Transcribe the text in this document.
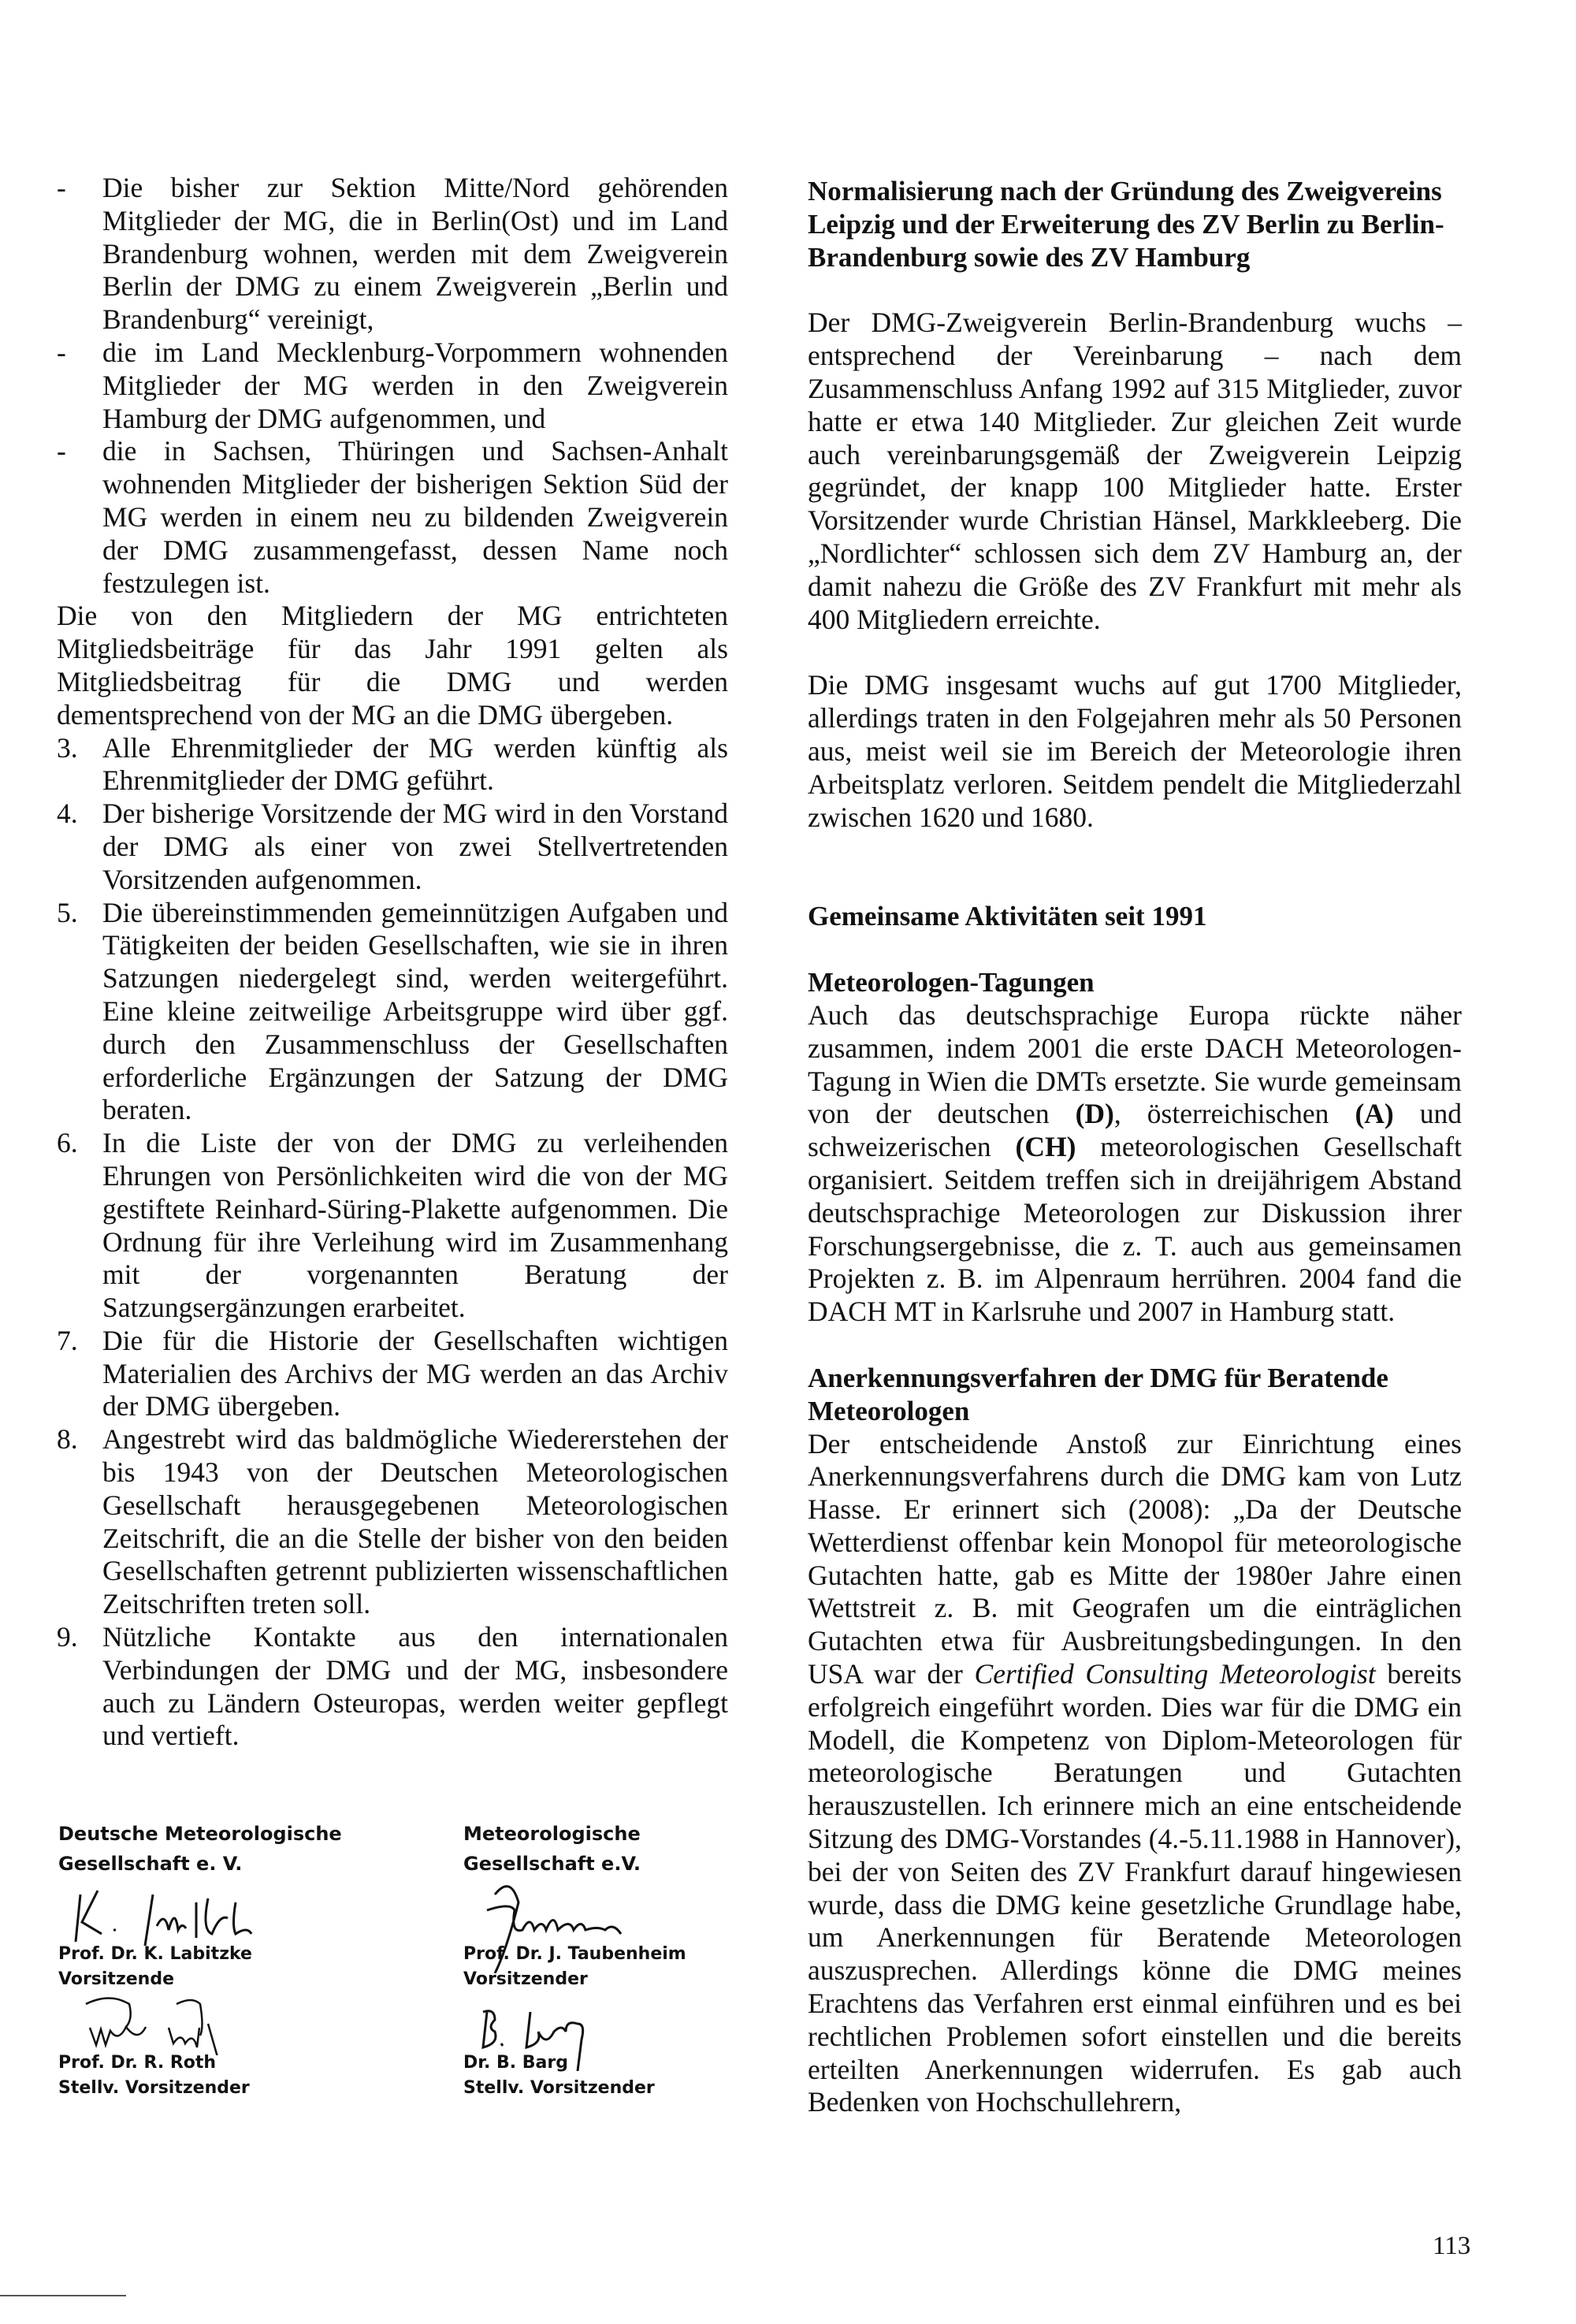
- Die bisher zur Sektion Mitte/Nord gehörenden Mitglieder der MG, die in Berlin(Ost) und im Land Brandenburg wohnen, werden mit dem Zweigverein Berlin der DMG zu einem Zweigverein „Berlin und Brandenburg“ vereinigt,

- die im Land Mecklenburg-Vorpommern wohnenden Mitglieder der MG werden in den Zweigverein Hamburg der DMG aufgenommen, und

- die in Sachsen, Thüringen und Sachsen-Anhalt wohnenden Mitglieder der bisherigen Sektion Süd der MG werden in einem neu zu bildenden Zweigverein der DMG zusammengefasst, dessen Name noch festzulegen ist.

Die von den Mitgliedern der MG entrichteten Mitgliedsbeiträge für das Jahr 1991 gelten als Mitgliedsbeitrag für die DMG und werden dementsprechend von der MG an die DMG übergeben.

3. Alle Ehrenmitglieder der MG werden künftig als Ehrenmitglieder der DMG geführt.

4. Der bisherige Vorsitzende der MG wird in den Vorstand der DMG als einer von zwei Stellvertretenden Vorsitzenden aufgenommen.

5. Die übereinstimmenden gemeinnützigen Aufgaben und Tätigkeiten der beiden Gesellschaften, wie sie in ihren Satzungen niedergelegt sind, werden weitergeführt. Eine kleine zeitweilige Arbeitsgruppe wird über ggf. durch den Zusammenschluss der Gesellschaften erforderliche Ergänzungen der Satzung der DMG beraten.

6. In die Liste der von der DMG zu verleihenden Ehrungen von Persönlichkeiten wird die von der MG gestiftete Reinhard-Süring-Plakette aufgenommen. Die Ordnung für ihre Verleihung wird im Zusammenhang mit der vorgenannten Beratung der Satzungsergänzungen erarbeitet.

7. Die für die Historie der Gesellschaften wichtigen Materialien des Archivs der MG werden an das Archiv der DMG übergeben.

8. Angestrebt wird das baldmögliche Wiedererstehen der bis 1943 von der Deutschen Meteorologischen Gesellschaft herausgegebenen Meteorologischen Zeitschrift, die an die Stelle der bisher von den beiden Gesellschaften getrennt publizierten wissenschaftlichen Zeitschriften treten soll.

9. Nützliche Kontakte aus den internationalen Verbindungen der DMG und der MG, insbesondere auch zu Ländern Osteuropas, werden weiter gepflegt und vertieft.

Deutsche Meteorologische
Gesellschaft e. V.
Prof. Dr. K. Labitzke
Vorsitzende
Prof. Dr. R. Roth
Stellv. Vorsitzender
Meteorologische
Gesellschaft e.V.
Prof. Dr. J. Taubenheim
Vorsitzender
Dr. B. Barg
Stellv. Vorsitzender
Normalisierung nach der Gründung des Zweigvereins Leipzig und der Erweiterung des ZV Berlin zu Berlin-Brandenburg sowie des ZV Hamburg

Der DMG-Zweigverein Berlin-Brandenburg wuchs – entsprechend der Vereinbarung – nach dem Zusammenschluss Anfang 1992 auf 315 Mitglieder, zuvor hatte er etwa 140 Mitglieder. Zur gleichen Zeit wurde auch vereinbarungsgemäß der Zweigverein Leipzig gegründet, der knapp 100 Mitglieder hatte. Erster Vorsitzender wurde Christian Hänsel, Markkleeberg. Die „Nordlichter“ schlossen sich dem ZV Hamburg an, der damit nahezu die Größe des ZV Frankfurt mit mehr als 400 Mitgliedern erreichte.

Die DMG insgesamt wuchs auf gut 1700 Mitglieder, allerdings traten in den Folgejahren mehr als 50 Personen aus, meist weil sie im Bereich der Meteorologie ihren Arbeitsplatz verloren. Seitdem pendelt die Mitgliederzahl zwischen 1620 und 1680.

Gemeinsame Aktivitäten seit 1991
Meteorologen-Tagungen

Auch das deutschsprachige Europa rückte näher zusammen, indem 2001 die erste DACH Meteorologen-Tagung in Wien die DMTs ersetzte. Sie wurde gemeinsam von der deutschen (D), österreichischen (A) und schweizerischen (CH) meteorologischen Gesellschaft organisiert. Seitdem treffen sich in dreijährigem Abstand deutschsprachige Meteorologen zur Diskussion ihrer Forschungsergebnisse, die z. T. auch aus gemeinsamen Projekten z. B. im Alpenraum herrühren. 2004 fand die DACH MT in Karlsruhe und 2007 in Hamburg statt.

Anerkennungsverfahren der DMG für Beratende Meteorologen

Der entscheidende Anstoß zur Einrichtung eines Anerkennungsverfahrens durch die DMG kam von Lutz Hasse. Er erinnert sich (2008): „Da der Deutsche Wetterdienst offenbar kein Monopol für meteorologische Gutachten hatte, gab es Mitte der 1980er Jahre einen Wettstreit z. B. mit Geografen um die einträglichen Gutachten etwa für Ausbreitungsbedingungen. In den USA war der Certified Consulting Meteorologist bereits erfolgreich eingeführt worden. Dies war für die DMG ein Modell, die Kompetenz von Diplom-Meteorologen für meteorologische Beratungen und Gutachten herauszustellen. Ich erinnere mich an eine entscheidende Sitzung des DMG-Vorstandes (4.-5.11.1988 in Hannover), bei der von Seiten des ZV Frankfurt darauf hingewiesen wurde, dass die DMG keine gesetzliche Grundlage habe, um Anerkennungen für Beratende Meteorologen auszusprechen. Allerdings könne die DMG meines Erachtens das Verfahren erst einmal einführen und es bei rechtlichen Problemen sofort einstellen und die bereits erteilten Anerkennungen widerrufen. Es gab auch Bedenken von Hochschullehrern,

113
